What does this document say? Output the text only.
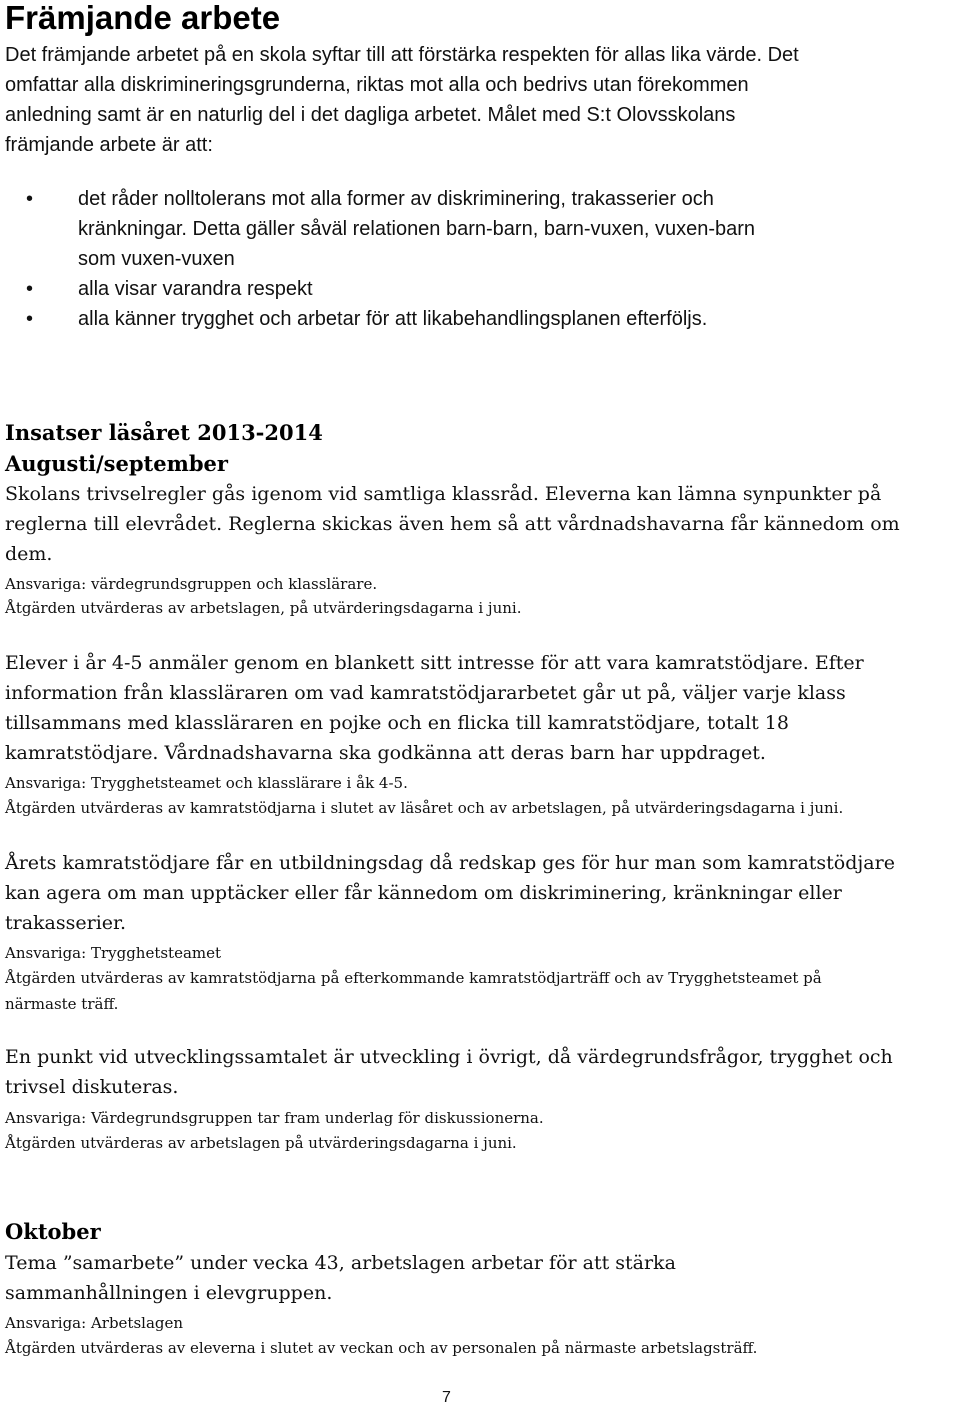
Främjande arbete
Det främjande arbetet på en skola syftar till att förstärka respekten för allas lika värde. Det
omfattar alla diskrimineringsgrunderna, riktas mot alla och bedrivs utan förekommen
anledning samt är en naturlig del i det dagliga arbetet. Målet med S:t Olovsskolans
främjande arbete är att:
• det råder nolltolerans mot alla former av diskriminering, trakasserier och
kränkningar. Detta gäller såväl relationen barn-barn, barn-vuxen, vuxen-barn
som vuxen-vuxen
• alla visar varandra respekt
• alla känner trygghet och arbetar för att likabehandlingsplanen efterföljs.
Insatser läsåret 2013-2014
Augusti/september
Skolans trivselregler gås igenom vid samtliga klassråd. Eleverna kan lämna synpunkter på
reglerna till elevrådet. Reglerna skickas även hem så att vårdnadshavarna får kännedom om
dem.
Ansvariga: värdegrundsgruppen och klasslärare.
Åtgärden utvärderas av arbetslagen, på utvärderingsdagarna i juni.
Elever i år 4-5 anmäler genom en blankett sitt intresse för att vara kamratstödjare. Efter
information från klassläraren om vad kamratstödjararbetet går ut på, väljer varje klass
tillsammans med klassläraren en pojke och en flicka till kamratstödjare, totalt 18
kamratstödjare. Vårdnadshavarna ska godkänna att deras barn har uppdraget.
Ansvariga: Trygghetsteamet och klasslärare i åk 4-5.
Åtgärden utvärderas av kamratstödjarna i slutet av läsåret och av arbetslagen, på utvärderingsdagarna i juni.
Årets kamratstödjare får en utbildningsdag då redskap ges för hur man som kamratstödjare
kan agera om man upptäcker eller får kännedom om diskriminering, kränkningar eller
trakasserier.
Ansvariga: Trygghetsteamet
Åtgärden utvärderas av kamratstödjarna på efterkommande kamratstödjarträff och av Trygghetsteamet på
närmaste träff.
En punkt vid utvecklingssamtalet är utveckling i övrigt, då värdegrundsfrågor, trygghet och
trivsel diskuteras.
Ansvariga: Värdegrundsgruppen tar fram underlag för diskussionerna.
Åtgärden utvärderas av arbetslagen på utvärderingsdagarna i juni.
Oktober
Tema ”samarbete” under vecka 43, arbetslagen arbetar för att stärka
sammanhållningen i elevgruppen.
Ansvariga: Arbetslagen
Åtgärden utvärderas av eleverna i slutet av veckan och av personalen på närmaste arbetslagsträff.
7
